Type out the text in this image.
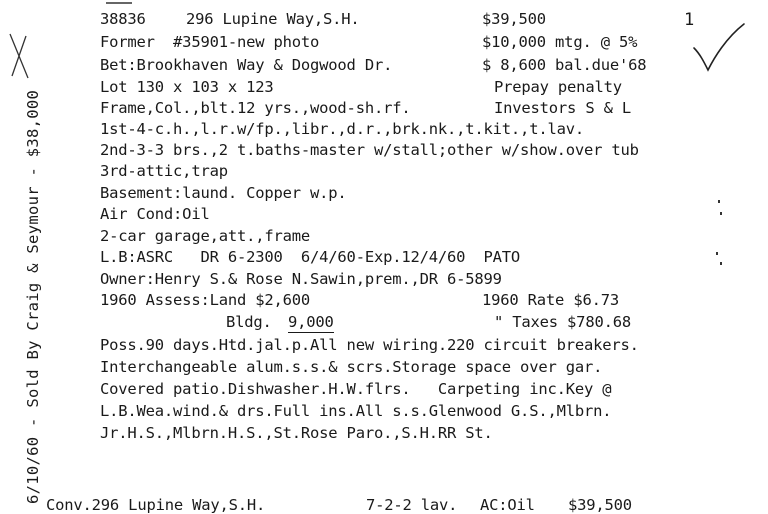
38836	296 Lupine Way,S.H.	$39,500	1
Former  #35901-new photo	$10,000 mtg. @ 5%
Bet:Brookhaven Way & Dogwood Dr.	$ 8,600 bal.due'68
Lot 130 x 103 x 123	Prepay penalty
Frame,Col.,blt.12 yrs.,wood-sh.rf.	Investors S & L
1st-4-c.h.,l.r.w/fp.,libr.,d.r.,brk.nk.,t.kit.,t.lav.
2nd-3-3 brs.,2 t.baths-master w/stall;other w/show.over tub
3rd-attic,trap
Basement:laund. Copper w.p.
Air Cond:Oil
2-car garage,att.,frame
L.B:ASRC   DR 6-2300  6/4/60-Exp.12/4/60  PATO
Owner:Henry S.& Rose N.Sawin,prem.,DR 6-5899
1960 Assess:Land $2,600	1960 Rate $6.73
Bldg. 9,000	" Taxes $780.68
Poss.90 days.Htd.jal.p.All new wiring.220 circuit breakers.
Interchangeable alum.s.s.& scrs.Storage space over gar.
Covered patio.Dishwasher.H.W.flrs.   Carpeting inc.Key @
L.B.Wea.wind.& drs.Full ins.All s.s.Glenwood G.S.,Mlbrn.
Jr.H.S.,Mlbrn.H.S.,St.Rose Paro.,S.H.RR St.
6/10/60 - Sold By Craig & Seymour - $38,000
Conv.296 Lupine Way,S.H.	7-2-2 lav. AC:Oil $39,500
